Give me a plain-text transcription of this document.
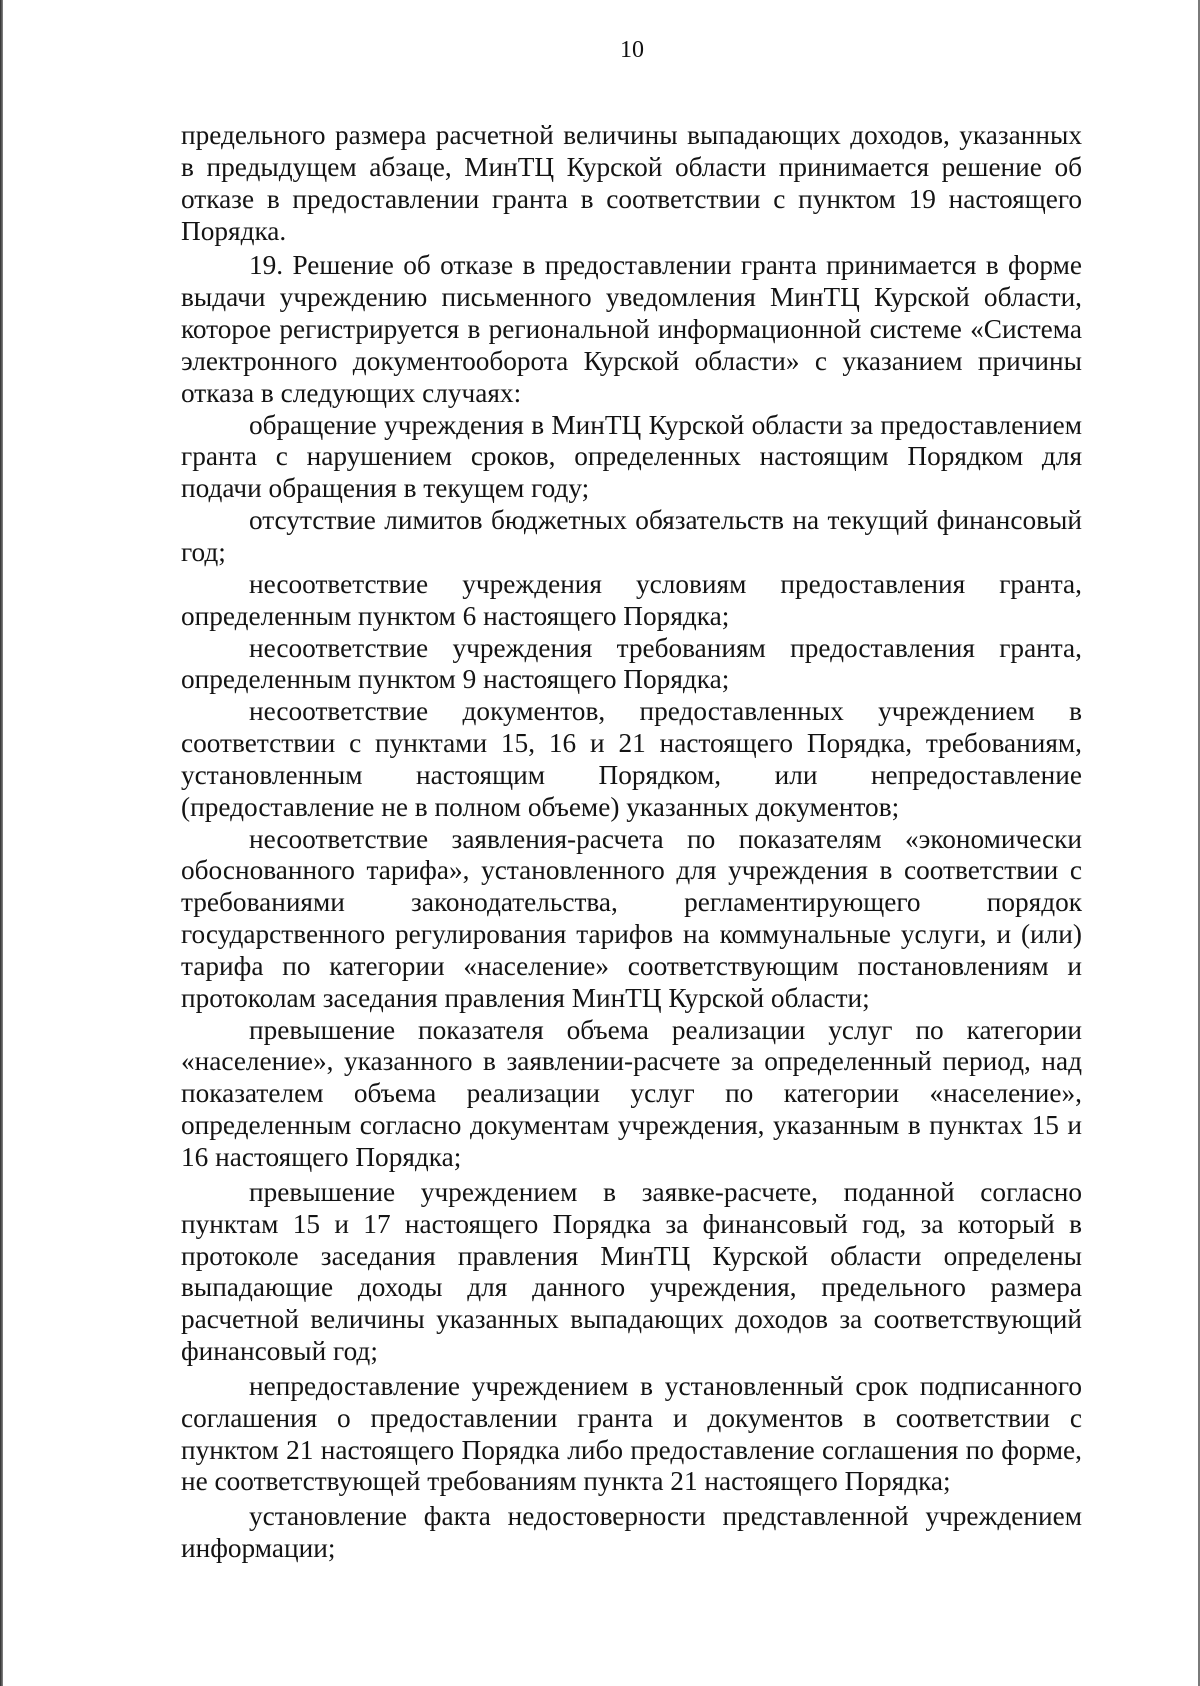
10

предельного размера расчетной величины выпадающих доходов, указанных в предыдущем абзаце, МинТЦ Курской области принимается решение об отказе в предоставлении гранта в соответствии с пунктом 19 настоящего Порядка.

19. Решение об отказе в предоставлении гранта принимается в форме выдачи учреждению письменного уведомления МинТЦ Курской области, которое регистрируется в региональной информационной системе «Система электронного документооборота Курской области» с указанием причины отказа в следующих случаях:

обращение учреждения в МинТЦ Курской области за предоставлением гранта с нарушением сроков, определенных настоящим Порядком для подачи обращения в текущем году;

отсутствие лимитов бюджетных обязательств на текущий финансовый год;

несоответствие учреждения условиям предоставления гранта, определенным пунктом 6 настоящего Порядка;

несоответствие учреждения требованиям предоставления гранта, определенным пунктом 9 настоящего Порядка;

несоответствие документов, предоставленных учреждением в соответствии с пунктами 15, 16 и 21 настоящего Порядка, требованиям, установленным настоящим Порядком, или непредоставление (предоставление не в полном объеме) указанных документов;

несоответствие заявления-расчета по показателям «экономически обоснованного тарифа», установленного для учреждения в соответствии с требованиями законодательства, регламентирующего порядок государственного регулирования тарифов на коммунальные услуги, и (или) тарифа по категории «население» соответствующим постановлениям и протоколам заседания правления МинТЦ Курской области;

превышение показателя объема реализации услуг по категории «население», указанного в заявлении-расчете за определенный период, над показателем объема реализации услуг по категории «население», определенным согласно документам учреждения, указанным в пунктах 15 и 16 настоящего Порядка;

превышение учреждением в заявке-расчете, поданной согласно пунктам 15 и 17 настоящего Порядка за финансовый год, за который в протоколе заседания правления МинТЦ Курской области определены выпадающие доходы для данного учреждения, предельного размера расчетной величины указанных выпадающих доходов за соответствующий финансовый год;

непредоставление учреждением в установленный срок подписанного соглашения о предоставлении гранта и документов в соответствии с пунктом 21 настоящего Порядка либо предоставление соглашения по форме, не соответствующей требованиям пункта 21 настоящего Порядка;

установление факта недостоверности представленной учреждением информации;
